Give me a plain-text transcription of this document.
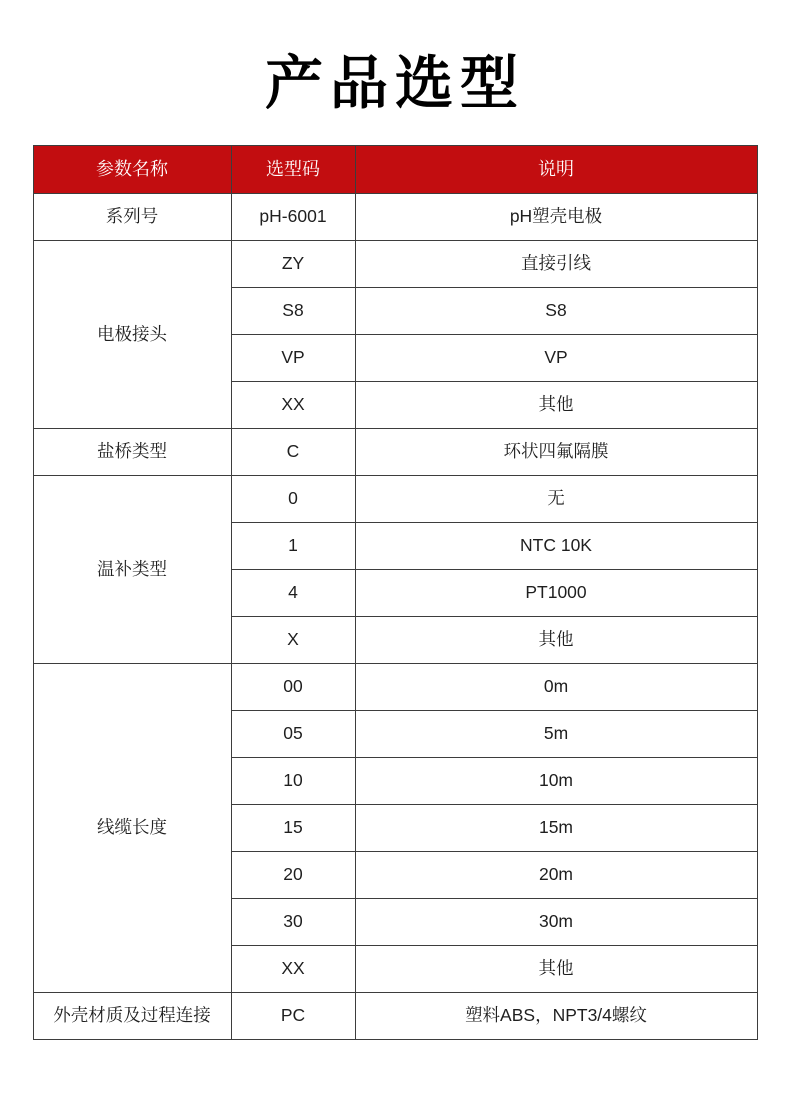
产品选型
参数名称	选型码	说明
系列号	pH-6001	pH塑壳电极
电极接头	ZY	直接引线
	S8	S8
	VP	VP
	XX	其他
盐桥类型	C	环状四氟隔膜
温补类型	0	无
	1	NTC 10K
	4	PT1000
	X	其他
线缆长度	00	0m
	05	5m
	10	10m
	15	15m
	20	20m
	30	30m
	XX	其他
外壳材质及过程连接	PC	塑料ABS，NPT3/4螺纹
